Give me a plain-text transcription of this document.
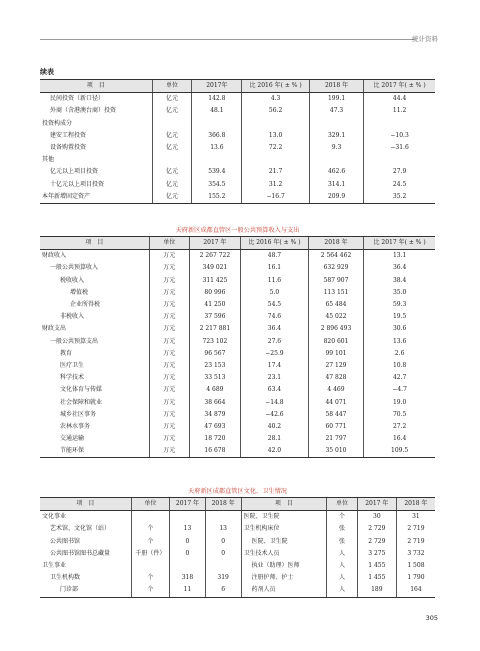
统计资料
续表
项　目	单位	2017年	比 2016 年( ± % )	2018 年	比 2017 年( ± % )
民间投资（新口径）	亿元	142.8	4.3	199.1	44.4
外商（含港澳台商）投资	亿元	48.1	56.2	47.3	11.2
投资构成分					
建安工程投资	亿元	366.8	13.0	329.1	−10.3
设备购置投资	亿元	13.6	72.2	9.3	−31.6
其他					
亿元以上项目投资	亿元	539.4	21.7	462.6	27.9
十亿元以上项目投资	亿元	354.5	31.2	314.1	24.5
本年新增固定资产	亿元	155.2	−16.7	209.9	35.2
天府新区成都直管区一般公共预算收入与支出
项　目	单位	2017 年	比 2016 年( ± % )	2018 年	比 2017 年( ± % )
财政收入	万元	2 267 722	48.7	2 564 462	13.1
一般公共预算收入	万元	349 021	16.1	632 929	36.4
税收收入	万元	311 425	11.6	587 907	38.4
增值税	万元	80 996	5.0	113 151	35.0
企业所得税	万元	41 250	54.5	65 484	59.3
非税收入	万元	37 596	74.6	45 022	19.5
财政支出	万元	2 217 881	36.4	2 896 493	30.6
一般公共预算支出	万元	723 102	27.6	820 601	13.6
教育	万元	96 567	−25.9	99 101	2.6
医疗卫生	万元	23 153	17.4	27 129	10.8
科学技术	万元	33 513	23.1	47 828	42.7
文化体育与传媒	万元	4 689	63.4	4 469	−4.7
社会保障和就业	万元	38 664	−14.8	44 071	19.0
城乡社区事务	万元	34 879	−42.6	58 447	70.5
农林水事务	万元	47 693	40.2	60 771	27.2
交通运输	万元	18 720	28.1	21 797	16.4
节能环保	万元	16 678	42.0	35 010	109.5
天府新区成都直管区文化、卫生情况
项　目	单位	2017 年	2018 年	项　目	单位	2017 年	2018 年
文化事业				医院、卫生院	个	30	31
艺术馆、文化馆（站）	个	13	13	卫生机构床位	张	2 729	2 719
公共图书馆	个	0	0	医院、卫生院	张	2 729	2 719
公共图书馆图书总藏量	千册（件）	0	0	卫生技术人员	人	3 275	3 732
卫生事业				执业（助理）医师	人	1 455	1 508
卫生机构数	个	318	319	注册护师、护士	人	1 455	1 790
门诊部	个	11	6	药剂人员	人	189	164
305
